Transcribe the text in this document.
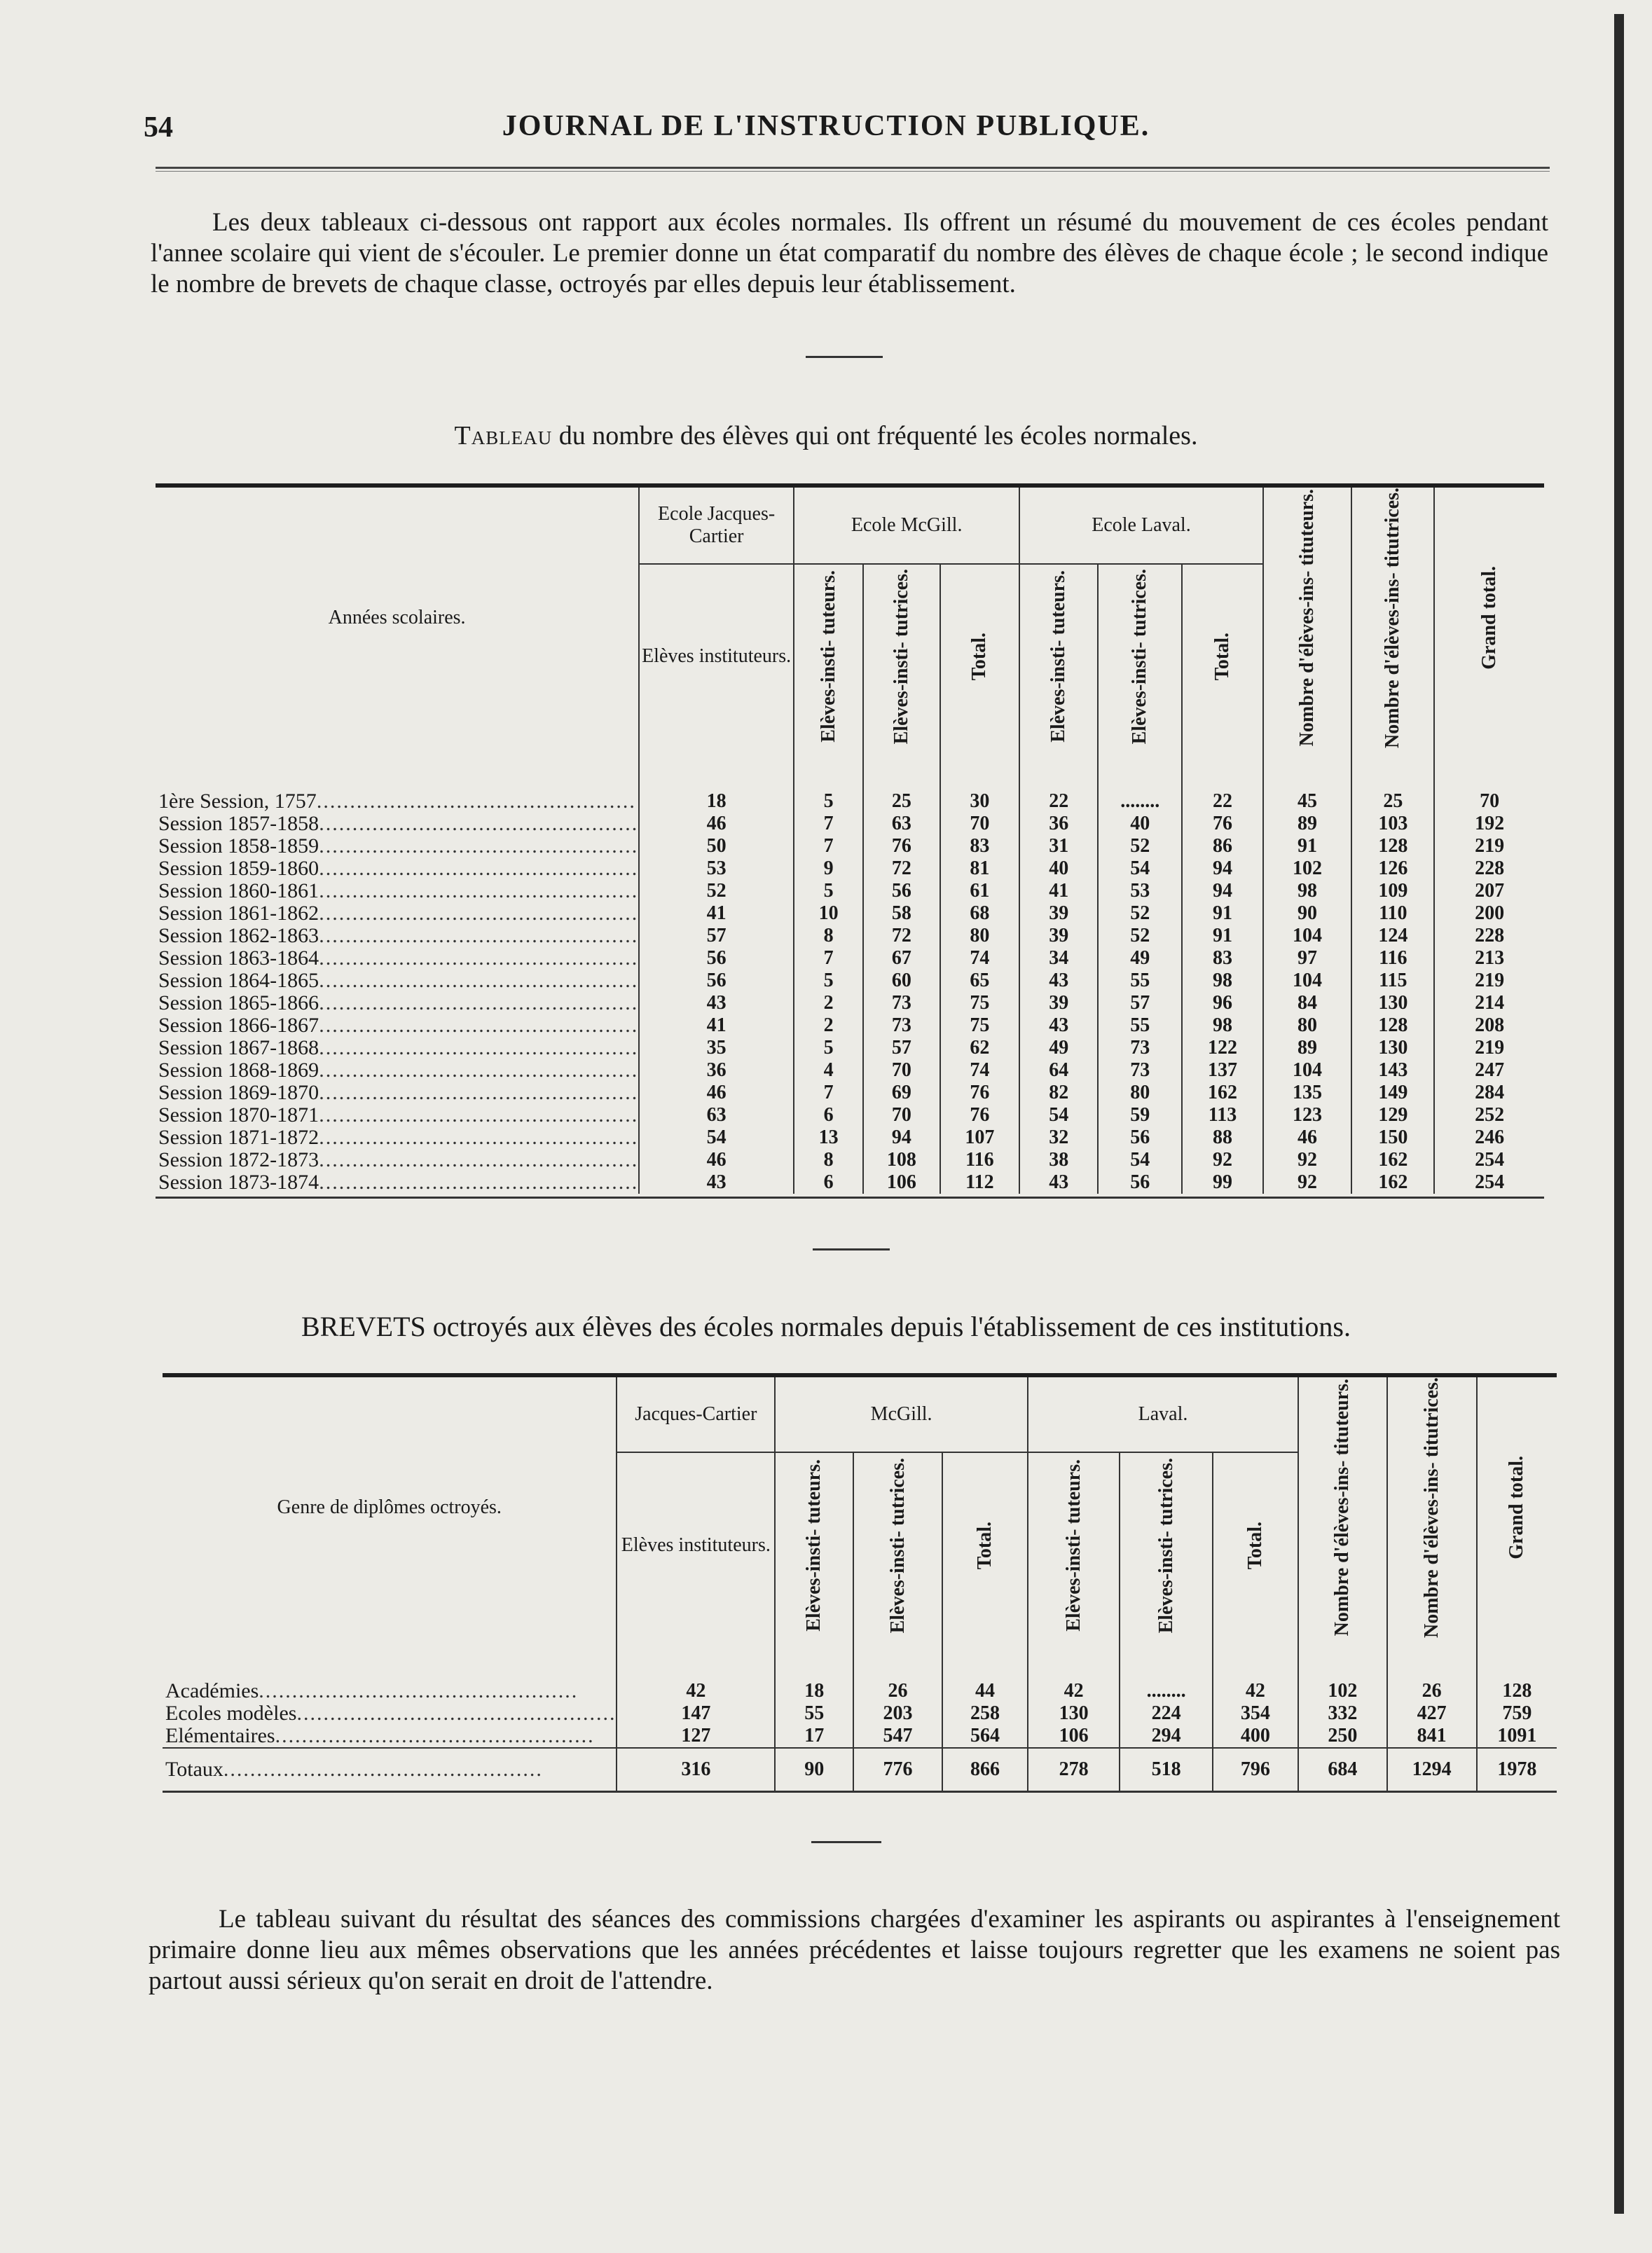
54	JOURNAL DE L'INSTRUCTION PUBLIQUE.

Les deux tableaux ci-dessous ont rapport aux écoles normales. Ils offrent un résumé du mouvement de ces écoles pendant l'annee scolaire qui vient de s'écouler. Le premier donne un état comparatif du nombre des élèves de chaque école ; le second indique le nombre de brevets de chaque classe, octroyés par elles depuis leur établissement.

Tableau du nombre des élèves qui ont fréquenté les écoles normales.
Années scolaires.	Ecole Jacques-Cartier	Ecole McGill.			Ecole Laval.			Nombre d'élèves-ins- tituteurs.	Nombre d'élèves-ins- titutrices.	Grand total.

	Elèves instituteurs.	Elèves-insti- tuteurs.	Elèves-insti- tutrices.	Total.	Elèves-insti- tuteurs.	Elèves-insti- tutrices.	Total.			

1ère Session, 1757................................................	18	5	25	30	22	........	22	45	25	70
Session 1857-1858................................................	46	7	63	70	36	40	76	89	103	192
Session 1858-1859................................................	50	7	76	83	31	52	86	91	128	219
Session 1859-1860................................................	53	9	72	81	40	54	94	102	126	228
Session 1860-1861................................................	52	5	56	61	41	53	94	98	109	207
Session 1861-1862................................................	41	10	58	68	39	52	91	90	110	200
Session 1862-1863................................................	57	8	72	80	39	52	91	104	124	228
Session 1863-1864................................................	56	7	67	74	34	49	83	97	116	213
Session 1864-1865................................................	56	5	60	65	43	55	98	104	115	219
Session 1865-1866................................................	43	2	73	75	39	57	96	84	130	214
Session 1866-1867................................................	41	2	73	75	43	55	98	80	128	208
Session 1867-1868................................................	35	5	57	62	49	73	122	89	130	219
Session 1868-1869................................................	36	4	70	74	64	73	137	104	143	247
Session 1869-1870................................................	46	7	69	76	82	80	162	135	149	284
Session 1870-1871................................................	63	6	70	76	54	59	113	123	129	252
Session 1871-1872................................................	54	13	94	107	32	56	88	46	150	246
Session 1872-1873................................................	46	8	108	116	38	54	92	92	162	254
Session 1873-1874................................................	43	6	106	112	43	56	99	92	162	254

BREVETS octroyés aux élèves des écoles normales depuis l'établissement de ces institutions.
Genre de diplômes octroyés.	Jacques-Cartier	McGill.			Laval.			Nombre d'élèves-ins- tituteurs.	Nombre d'élèves-ins- titutrices.	Grand total.

	Elèves instituteurs.	Elèves-insti- tuteurs.	Elèves-insti- tutrices.	Total.	Elèves-insti- tuteurs.	Elèves-insti- tutrices.	Total.			

Académies................................................	42	18	26	44	42	........	42	102	26	128
Ecoles modèles................................................	147	55	203	258	130	224	354	332	427	759
Elémentaires................................................	127	17	547	564	106	294	400	250	841	1091
Totaux................................................	316	90	776	866	278	518	796	684	1294	1978

Le tableau suivant du résultat des séances des commissions chargées d'examiner les aspirants ou aspirantes à l'enseignement primaire donne lieu aux mêmes observations que les années précédentes et laisse toujours regretter que les examens ne soient pas partout aussi sérieux qu'on serait en droit de l'attendre.
